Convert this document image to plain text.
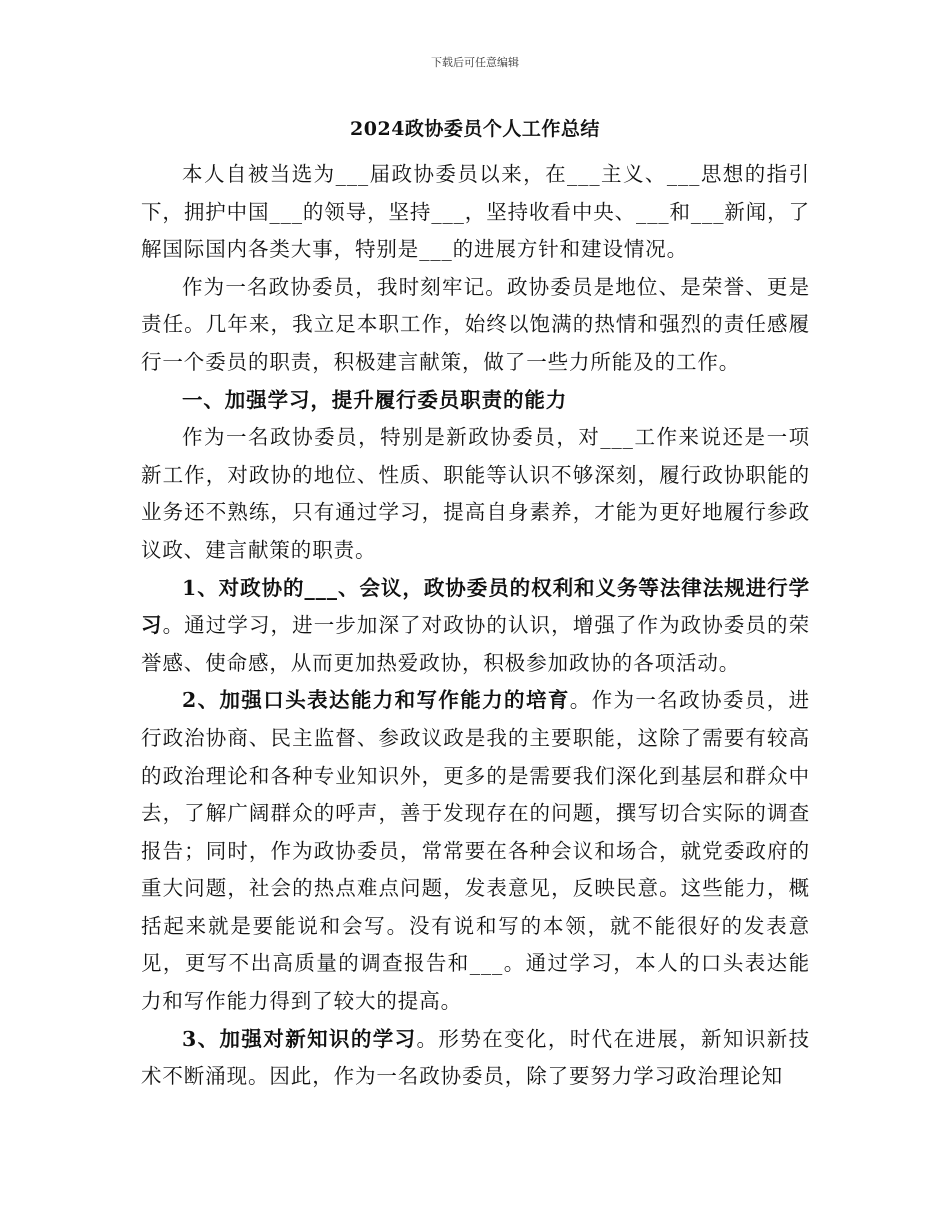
下载后可任意编辑
2024政协委员个人工作总结

本人自被当选为___届政协委员以来，在___主义、___思想的指引下，拥护中国___的领导，坚持___，坚持收看中央、___和___新闻，了解国际国内各类大事，特别是___的进展方针和建设情况。

作为一名政协委员，我时刻牢记。政协委员是地位、是荣誉、更是责任。几年来，我立足本职工作，始终以饱满的热情和强烈的责任感履行一个委员的职责，积极建言献策，做了一些力所能及的工作。

一、加强学习，提升履行委员职责的能力

作为一名政协委员，特别是新政协委员，对___工作来说还是一项新工作，对政协的地位、性质、职能等认识不够深刻，履行政协职能的业务还不熟练，只有通过学习，提高自身素养，才能为更好地履行参政议政、建言献策的职责。

1、对政协的___、会议，政协委员的权利和义务等法律法规进行学习。通过学习，进一步加深了对政协的认识，增强了作为政协委员的荣誉感、使命感，从而更加热爱政协，积极参加政协的各项活动。

2、加强口头表达能力和写作能力的培育。作为一名政协委员，进行政治协商、民主监督、参政议政是我的主要职能，这除了需要有较高的政治理论和各种专业知识外，更多的是需要我们深化到基层和群众中去，了解广阔群众的呼声，善于发现存在的问题，撰写切合实际的调查报告；同时，作为政协委员，常常要在各种会议和场合，就党委政府的重大问题，社会的热点难点问题，发表意见，反映民意。这些能力，概括起来就是要能说和会写。没有说和写的本领，就不能很好的发表意见，更写不出高质量的调查报告和___。通过学习，本人的口头表达能力和写作能力得到了较大的提高。

3、加强对新知识的学习。形势在变化，时代在进展，新知识新技术不断涌现。因此，作为一名政协委员，除了要努力学习政治理论知
